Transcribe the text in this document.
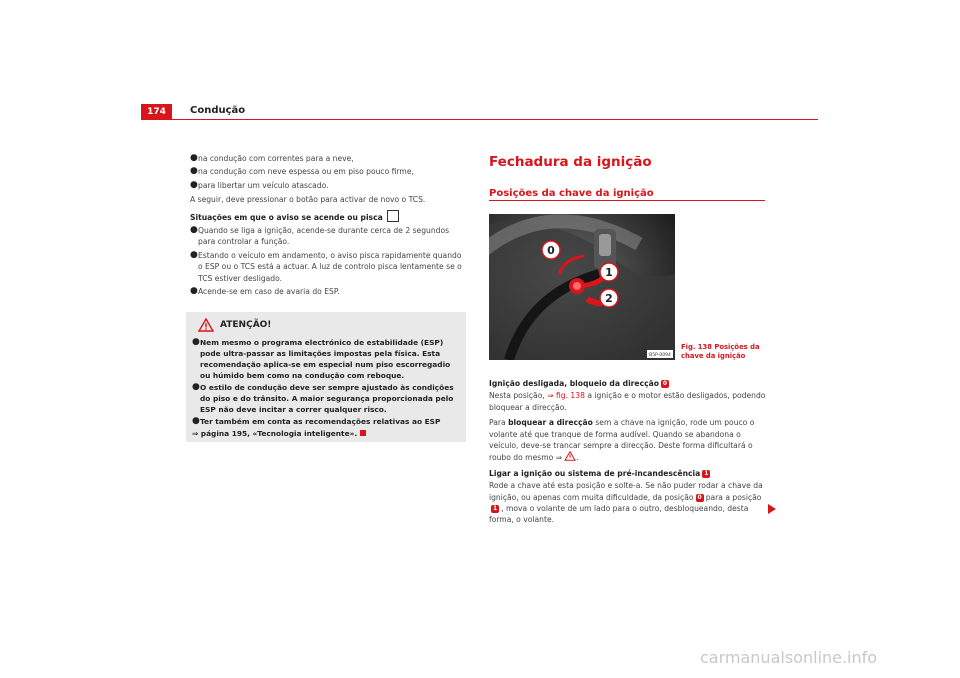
174	Condução
● na condução com correntes para a neve,
● na condução com neve espessa ou em piso pouco firme,
● para libertar um veículo atascado.

A seguir, deve pressionar o botão para activar de novo o TCS.

Situações em que o aviso se acende ou pisca

● Quando se liga a ignição, acende-se durante cerca de 2 segundos para controlar a função.
● Estando o veículo em andamento, o aviso pisca rapidamente quando o ESP ou o TCS está a actuar. A luz de controlo pisca lentamente se o TCS estiver desligado.
● Acende-se em caso de avaria do ESP.
ATENÇÃO!
● Nem mesmo o programa electrónico de estabilidade (ESP) pode ultra-passar as limitações impostas pela física. Esta recomendação aplica-se em especial num piso escorregadio ou húmido bem como na condução com reboque.
● O estilo de condução deve ser sempre ajustado às condições do piso e do trânsito. A maior segurança proporcionada pelo ESP não deve incitar a correr qualquer risco.
● Ter também em conta as recomendações relativas ao ESP
⇒ página 195, «Tecnologia inteligente».
Fechadura da ignição
Posições da chave da ignição
0
1
2
B5P-0094
Fig. 138 Posições da
chave da ignição

Ignição desligada, bloqueio da direcção 0

Nesta posição, ⇒ fig. 138 a ignição e o motor estão desligados, podendo bloquear a direcção.

Para bloquear a direcção sem a chave na ignição, rode um pouco o volante até que tranque de forma audível. Quando se abandona o veículo, deve-se trancar sempre a direcção. Deste forma dificultará o roubo do mesmo ⇒ .

Ligar a ignição ou sistema de pré-incandescência 1

Rode a chave até esta posição e solte-a. Se não puder rodar a chave da ignição, ou apenas com muita dificuldade, da posição 0 para a posição1 , mova o volante de um lado para o outro, desbloqueando, desta forma, o volante.

carmanualsonline.info
